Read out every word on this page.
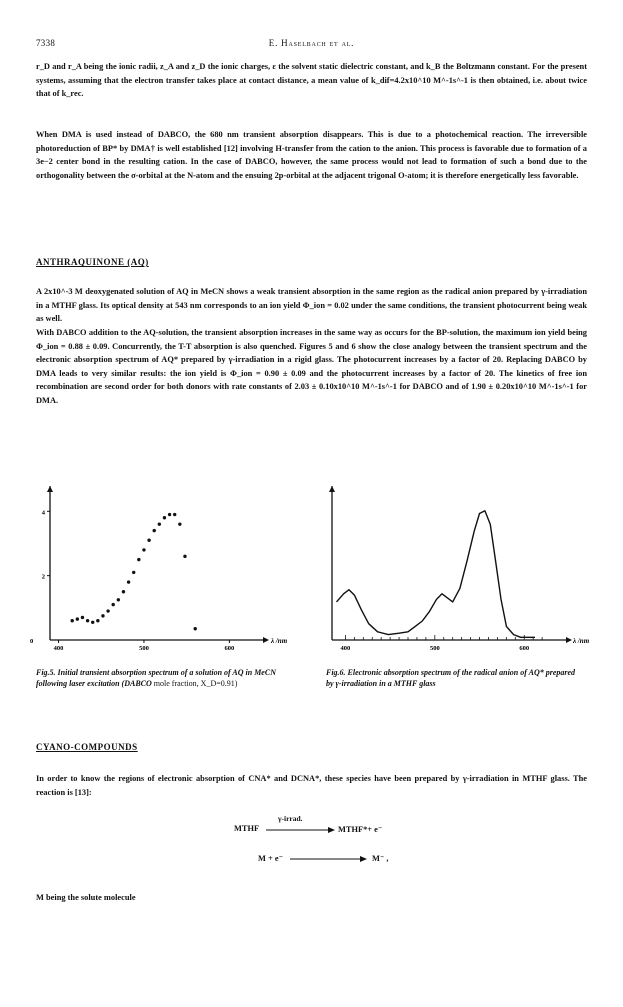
7338	E. Haselbach et al.

r_D and r_A being the ionic radii, z_A and z_D the ionic charges, ε the solvent static dielectric constant, and k_B the Boltzmann constant. For the present systems, assuming that the electron transfer takes place at contact distance, a mean value of k_dif=4.2x10^10 M^-1s^-1 is then obtained, i.e. about twice that of k_rec.

When DMA is used instead of DABCO, the 680 nm transient absorption disappears. This is due to a photochemical reaction. The irreversible photoreduction of BP* by DMA† is well established [12] involving H-transfer from the cation to the anion. This process is favorable due to formation of a 3e−2 center bond in the resulting cation. In the case of DABCO, however, the same process would not lead to formation of such a bond due to the orthogonality between the σ-orbital at the N-atom and the ensuing 2p-orbital at the adjacent trigonal O-atom; it is therefore energetically less favorable.

ANTHRAQUINONE (AQ)

A 2x10^-3 M deoxygenated solution of AQ in MeCN shows a weak transient absorption in the same region as the radical anion prepared by γ-irradiation in a MTHF glass. Its optical density at 543 nm corresponds to an ion yield Φ_ion = 0.02 under the same conditions, the transient photocurrent being weak as well.

With DABCO addition to the AQ-solution, the transient absorption increases in the same way as occurs for the BP-solution, the maximum ion yield being Φ_ion = 0.88 ± 0.09. Concurrently, the T-T absorption is also quenched. Figures 5 and 6 show the close analogy between the transient spectrum and the electronic absorption spectrum of AQ* prepared by γ-irradiation in a rigid glass. The photocurrent increases by a factor of 20. Replacing DABCO by DMA leads to very similar results: the ion yield is Φ_ion = 0.90 ± 0.09 and the photocurrent increases by a factor of 20. The kinetics of free ion recombination are second order for both donors with rate constants of 2.03 ± 0.10x10^10 M^-1s^-1 for DABCO and of 1.90 ± 0.20x10^10 M^-1s^-1 for DMA.

400	500	600
2
4
0	λ /nm
Fig.5. Initial transient absorption spectrum of a solution of AQ in MeCN following laser excitation (DABCO mole fraction, X_D=0.91)
400	500	600
λ /nm
Fig.6. Electronic absorption spectrum of the radical anion of AQ* prepared by γ-irradiation in a MTHF glass
CYANO-COMPOUNDS

In order to know the regions of electronic absorption of CNA* and DCNA*, these species have been prepared by γ-irradiation in MTHF glass. The reaction is [13]:

MTHF
γ-irrad.
MTHF*+ e⁻
M + e⁻	M⁻ ,

M being the solute molecule
